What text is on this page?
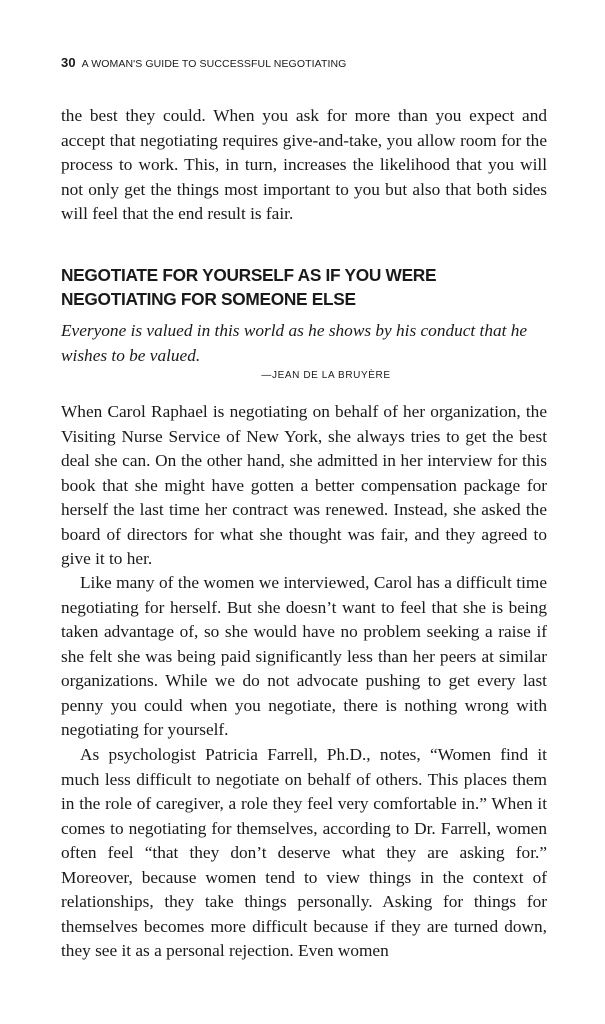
30 A WOMAN'S GUIDE TO SUCCESSFUL NEGOTIATING

the best they could. When you ask for more than you expect and accept that negotiating requires give-and-take, you allow room for the process to work. This, in turn, increases the likelihood that you will not only get the things most important to you but also that both sides will feel that the end result is fair.

NEGOTIATE FOR YOURSELF AS IF YOU WERE NEGOTIATING FOR SOMEONE ELSE

Everyone is valued in this world as he shows by his conduct that he wishes to be valued.

—JEAN DE LA BRUYÈRE

When Carol Raphael is negotiating on behalf of her organization, the Visiting Nurse Service of New York, she always tries to get the best deal she can. On the other hand, she admitted in her interview for this book that she might have gotten a better compensation package for herself the last time her contract was renewed. Instead, she asked the board of directors for what she thought was fair, and they agreed to give it to her.

Like many of the women we interviewed, Carol has a difficult time negotiating for herself. But she doesn’t want to feel that she is being taken advantage of, so she would have no problem seeking a raise if she felt she was being paid significantly less than her peers at similar organizations. While we do not advocate pushing to get every last penny you could when you negotiate, there is nothing wrong with negotiating for yourself.

As psychologist Patricia Farrell, Ph.D., notes, “Women find it much less difficult to negotiate on behalf of others. This places them in the role of caregiver, a role they feel very comfortable in.” When it comes to negotiating for themselves, according to Dr. Farrell, women often feel “that they don’t deserve what they are asking for.” Moreover, because women tend to view things in the context of relationships, they take things personally. Asking for things for themselves becomes more difficult because if they are turned down, they see it as a personal rejection. Even women
